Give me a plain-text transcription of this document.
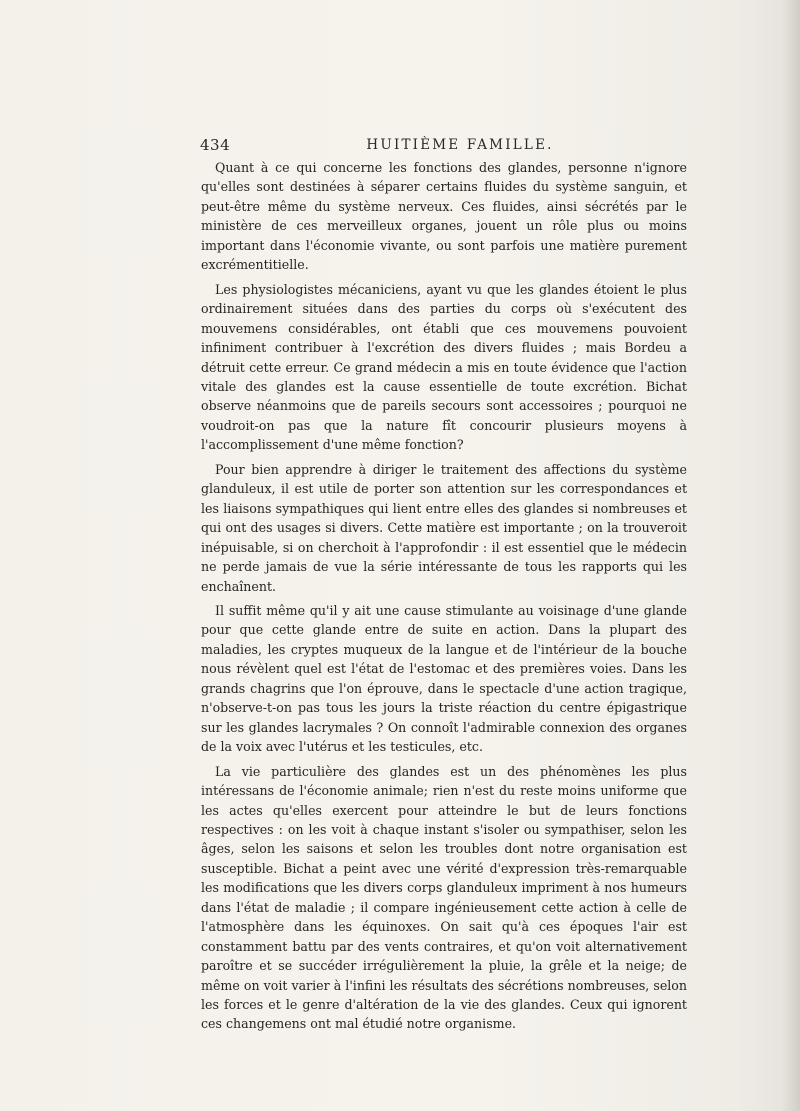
434	HUITIÈME FAMILLE.

Quant à ce qui concerne les fonctions des glandes, personne n'ignore qu'elles sont destinées à séparer certains fluides du système sanguin, et peut-être même du système nerveux. Ces fluides, ainsi sécrétés par le ministère de ces merveilleux organes, jouent un rôle plus ou moins important dans l'économie vivante, ou sont parfois une matière purement excrémentitielle.

Les physiologistes mécaniciens, ayant vu que les glandes étoient le plus ordinairement situées dans des parties du corps où s'exécutent des mouvemens considérables, ont établi que ces mouvemens pouvoient infiniment contribuer à l'excrétion des divers fluides ; mais Bordeu a détruit cette erreur. Ce grand médecin a mis en toute évidence que l'action vitale des glandes est la cause essentielle de toute excrétion. Bichat observe néanmoins que de pareils secours sont accessoires ; pourquoi ne voudroit-on pas que la nature fît concourir plusieurs moyens à l'accomplissement d'une même fonction?

Pour bien apprendre à diriger le traitement des affections du système glanduleux, il est utile de porter son attention sur les correspondances et les liaisons sympathiques qui lient entre elles des glandes si nombreuses et qui ont des usages si divers. Cette matière est importante ; on la trouveroit inépuisable, si on cherchoit à l'approfondir : il est essentiel que le médecin ne perde jamais de vue la série intéressante de tous les rapports qui les enchaînent.

Il suffit même qu'il y ait une cause stimulante au voisinage d'une glande pour que cette glande entre de suite en action. Dans la plupart des maladies, les cryptes muqueux de la langue et de l'intérieur de la bouche nous révèlent quel est l'état de l'estomac et des premières voies. Dans les grands chagrins que l'on éprouve, dans le spectacle d'une action tragique, n'observe-t-on pas tous les jours la triste réaction du centre épigastrique sur les glandes lacrymales ? On connoît l'admirable connexion des organes de la voix avec l'utérus et les testicules, etc.

La vie particulière des glandes est un des phénomènes les plus intéressans de l'économie animale; rien n'est du reste moins uniforme que les actes qu'elles exercent pour atteindre le but de leurs fonctions respectives : on les voit à chaque instant s'isoler ou sympathiser, selon les âges, selon les saisons et selon les troubles dont notre organisation est susceptible. Bichat a peint avec une vérité d'expression très-remarquable les modifications que les divers corps glanduleux impriment à nos humeurs dans l'état de maladie ; il compare ingénieusement cette action à celle de l'atmosphère dans les équinoxes. On sait qu'à ces époques l'air est constamment battu par des vents contraires, et qu'on voit alternativement paroître et se succéder irrégulièrement la pluie, la grêle et la neige; de même on voit varier à l'infini les résultats des sécrétions nombreuses, selon les forces et le genre d'altération de la vie des glandes. Ceux qui ignorent ces changemens ont mal étudié notre organisme.
